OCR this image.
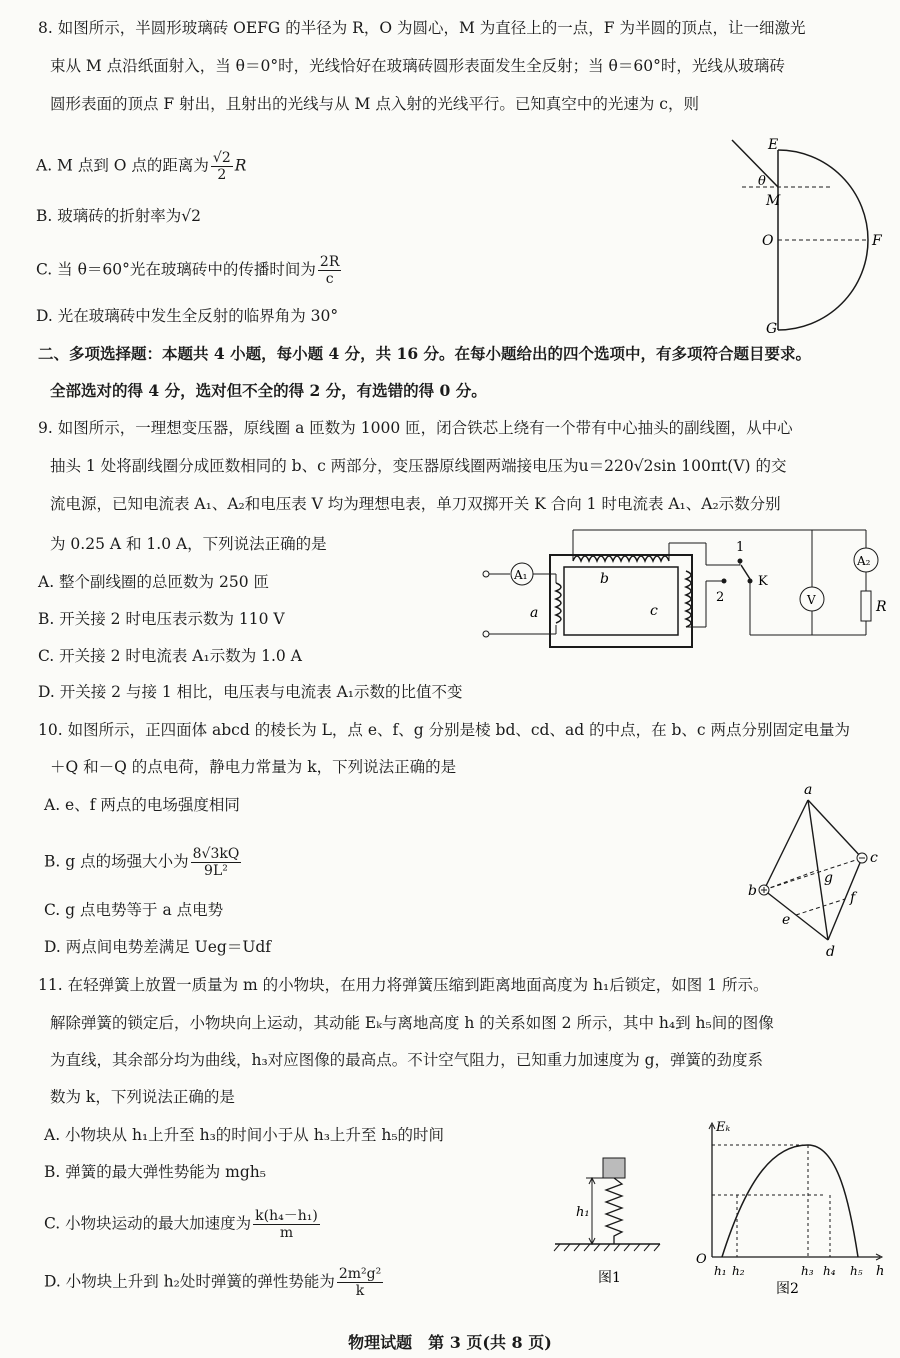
8. 如图所示，半圆形玻璃砖 OEFG 的半径为 R，O 为圆心，M 为直径上的一点，F 为半圆的顶点，让一细激光
束从 M 点沿纸面射入，当 θ＝0°时，光线恰好在玻璃砖圆形表面发生全反射；当 θ＝60°时，光线从玻璃砖
圆形表面的顶点 F 射出，且射出的光线与从 M 点入射的光线平行。已知真空中的光速为 c，则
A. M 点到 O 点的距离为 $\frac{√2}{2}$ R
B. 玻璃砖的折射率为√2
C. 当 θ＝60°光在玻璃砖中的传播时间为 $\frac{2R}{c}$
D. 光在玻璃砖中发生全反射的临界角为 30°
E
θ
M
O	F
G
二、多项选择题：本题共 4 小题，每小题 4 分，共 16 分。在每小题给出的四个选项中，有多项符合题目要求。
全部选对的得 4 分，选对但不全的得 2 分，有选错的得 0 分。
9. 如图所示，一理想变压器，原线圈 a 匝数为 1000 匝，闭合铁芯上绕有一个带有中心抽头的副线圈，从中心
抽头 1 处将副线圈分成匝数相同的 b、c 两部分，变压器原线圈两端接电压为u＝220√2sin 100πt(V) 的交
流电源，已知电流表 A₁、A₂和电压表 V 均为理想电表，单刀双掷开关 K 合向 1 时电流表 A₁、A₂示数分别
为 0.25 A 和 1.0 A，下列说法正确的是
A. 整个副线圈的总匝数为 250 匝
B. 开关接 2 时电压表示数为 110 V
C. 开关接 2 时电流表 A₁示数为 1.0 A
D. 开关接 2 与接 1 相比，电压表与电流表 A₁示数的比值不变
A₁
a
b
c
1
2
K
V
A₂
R
10. 如图所示，正四面体 abcd 的棱长为 L，点 e、f、g 分别是棱 bd、cd、ad 的中点，在 b、c 两点分别固定电量为
＋Q 和－Q 的点电荷，静电力常量为 k，下列说法正确的是
A. e、f 两点的电场强度相同
B. g 点的场强大小为 $\frac{8√3kQ}{\text{9L²}}$
C. g 点电势等于 a 点电势
D. 两点间电势差满足 Ueg＝Udf
a
b
c
d
e
f
g
11. 在轻弹簧上放置一质量为 m 的小物块，在用力将弹簧压缩到距离地面高度为 h₁后锁定，如图 1 所示。
解除弹簧的锁定后，小物块向上运动，其动能 Eₖ与离地高度 h 的关系如图 2 所示，其中 h₄到 h₅间的图像
为直线，其余部分均为曲线，h₃对应图像的最高点。不计空气阻力，已知重力加速度为 g，弹簧的劲度系
数为 k，下列说法正确的是
A. 小物块从 h₁上升至 h₃的时间小于从 h₃上升至 h₅的时间
B. 弹簧的最大弹性势能为 mgh₅
C. 小物块运动的最大加速度为 $\frac{\text{k(h₄－h₁)}}{m}$
D. 小物块上升到 h₂处时弹簧的弹性势能为 $\frac{\text{2m²g²}}{k}$
h₁
图1
Eₖ
O
h₁ h₂	h₃ h₄ h₅ h
图2
物理试题　第 3 页(共 8 页)
